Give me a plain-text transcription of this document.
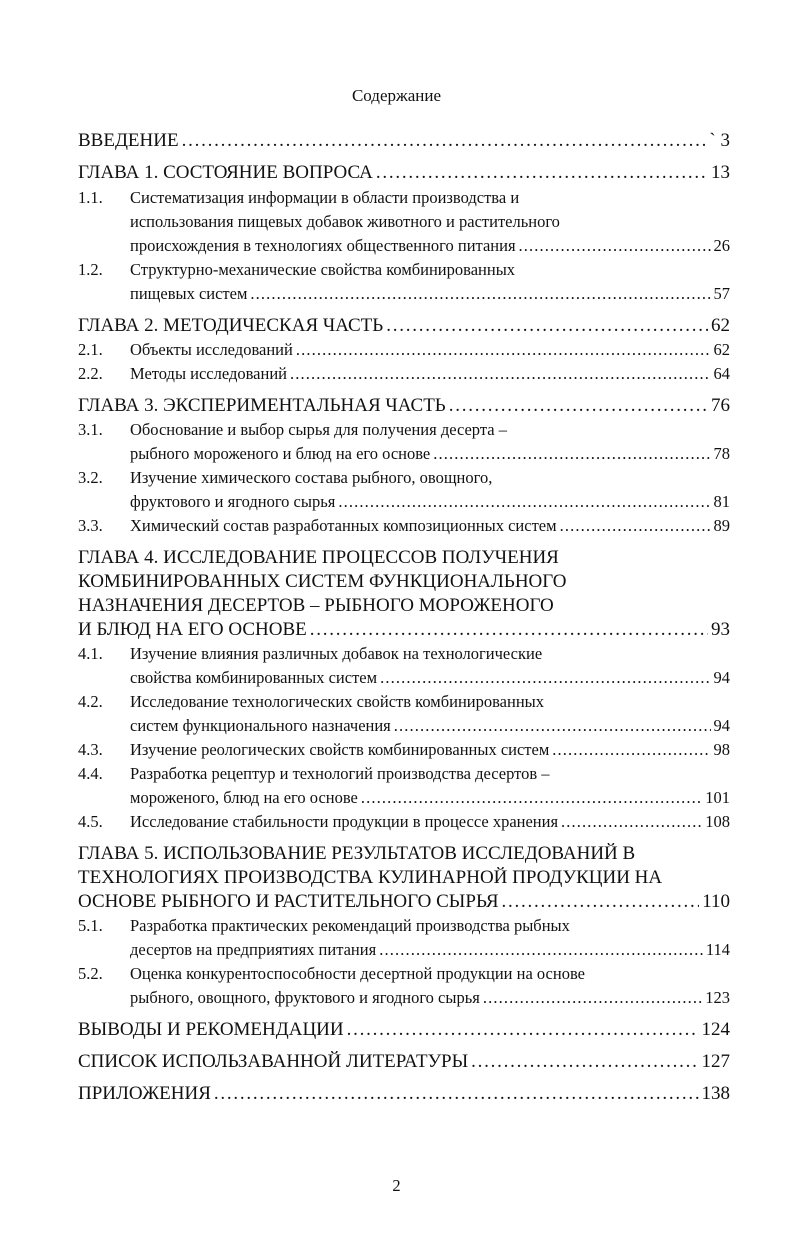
Содержание
ВВЕДЕНИЕ . . .	` 3
ГЛАВА 1. СОСТОЯНИЕ ВОПРОСА . . .	13
1.1. Систематизация информации в области производства и
использования пищевых добавок животного и растительного
происхождения в технологиях общественного питания . . .	26
1.2. Структурно-механические свойства комбинированных
пищевых систем . . .	57
ГЛАВА 2. МЕТОДИЧЕСКАЯ ЧАСТЬ . . .	62
2.1. Объекты исследований . . .	62
2.2. Методы исследований . . .	64
ГЛАВА 3. ЭКСПЕРИМЕНТАЛЬНАЯ ЧАСТЬ . . .	76
3.1. Обоснование и выбор сырья для получения десерта –
рыбного мороженого и блюд на его основе . . .	78
3.2. Изучение химического состава рыбного, овощного,
фруктового и ягодного сырья . . .	81
3.3. Химический состав разработанных композиционных систем . . .	89
ГЛАВА 4. ИССЛЕДОВАНИЕ ПРОЦЕССОВ ПОЛУЧЕНИЯ
КОМБИНИРОВАННЫХ СИСТЕМ ФУНКЦИОНАЛЬНОГО
НАЗНАЧЕНИЯ ДЕСЕРТОВ – РЫБНОГО МОРОЖЕНОГО
И БЛЮД НА ЕГО ОСНОВЕ . . .	93
4.1. Изучение влияния различных добавок на технологические
свойства комбинированных систем . . .	94
4.2. Исследование технологических свойств комбинированных
систем функционального назначения . . .	94
4.3. Изучение реологических свойств комбинированных систем . . .	98
4.4. Разработка рецептур и технологий производства десертов –
мороженого, блюд на его основе . . .	101
4.5. Исследование стабильности продукции в процессе хранения . . .	108
ГЛАВА 5. ИСПОЛЬЗОВАНИЕ РЕЗУЛЬТАТОВ ИССЛЕДОВАНИЙ В
ТЕХНОЛОГИЯХ ПРОИЗВОДСТВА КУЛИНАРНОЙ ПРОДУКЦИИ НА
ОСНОВЕ РЫБНОГО И РАСТИТЕЛЬНОГО СЫРЬЯ . . .	110
5.1. Разработка практических рекомендаций производства рыбных
десертов на предприятиях питания . . .	114
5.2. Оценка конкурентоспособности десертной продукции на основе
рыбного, овощного, фруктового и ягодного сырья . . .	123
ВЫВОДЫ И РЕКОМЕНДАЦИИ . . .	124
СПИСОК ИСПОЛЬЗАВАННОЙ ЛИТЕРАТУРЫ . . .	127
ПРИЛОЖЕНИЯ . . .	138
2
